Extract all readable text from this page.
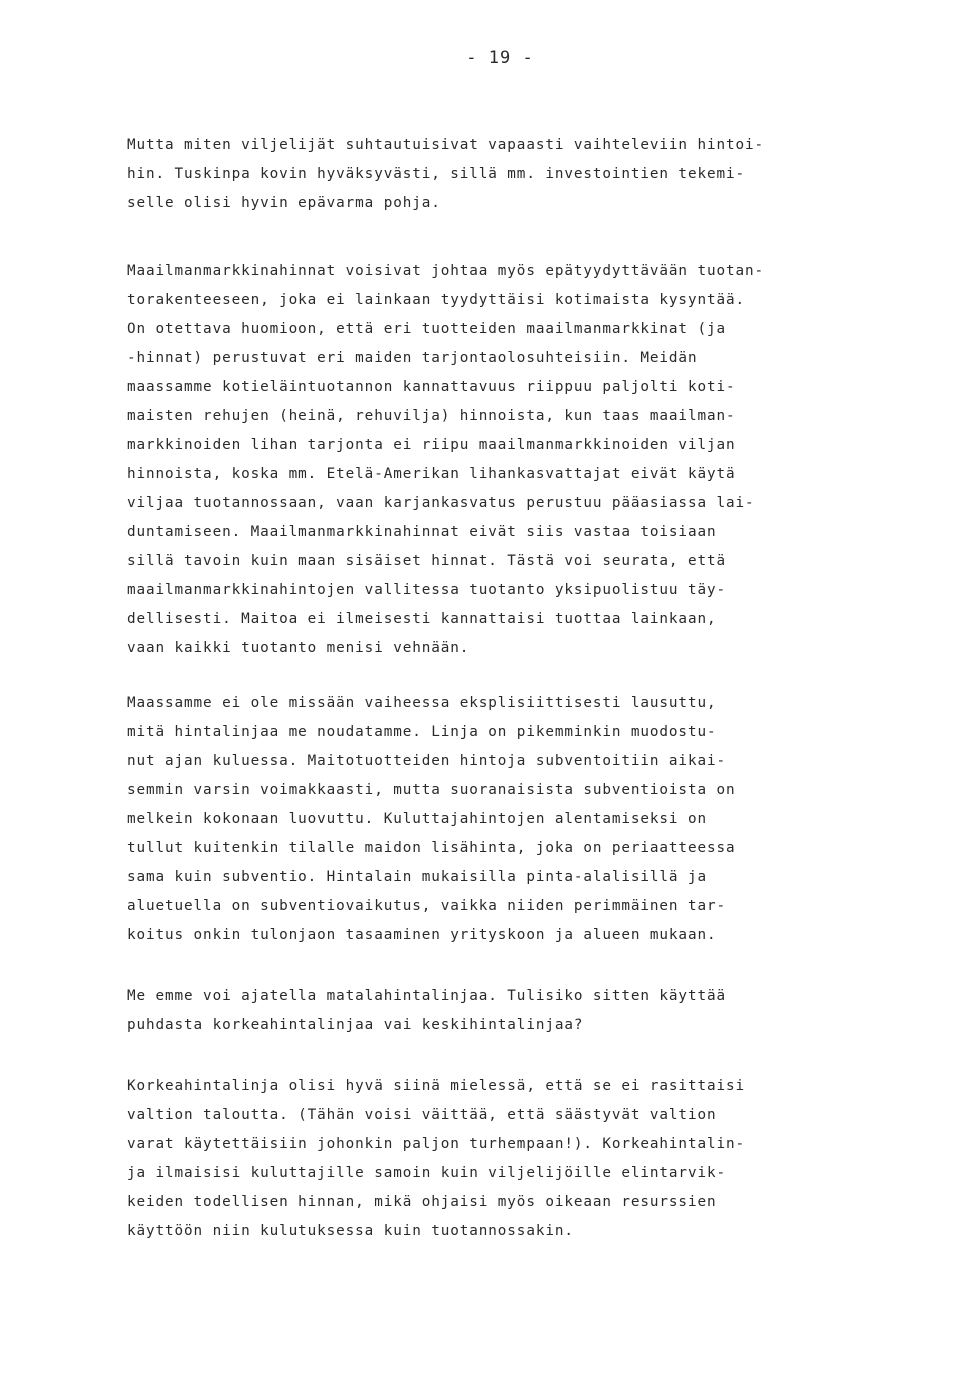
- 19 -
Mutta miten viljelijät suhtautuisivat vapaasti vaihteleviin hintoi-
hin. Tuskinpa kovin hyväksyvästi, sillä mm. investointien tekemi-
selle olisi hyvin epävarma pohja.
Maailmanmarkkinahinnat voisivat johtaa myös epätyydyttävään tuotan-
torakenteeseen, joka ei lainkaan tyydyttäisi kotimaista kysyntää.
On otettava huomioon, että eri tuotteiden maailmanmarkkinat (ja
-hinnat) perustuvat eri maiden tarjontaolosuhteisiin. Meidän
maassamme kotieläintuotannon kannattavuus riippuu paljolti koti-
maisten rehujen (heinä, rehuvilja) hinnoista, kun taas maailman-
markkinoiden lihan tarjonta ei riipu maailmanmarkkinoiden viljan
hinnoista, koska mm. Etelä-Amerikan lihankasvattajat eivät käytä
viljaa tuotannossaan, vaan karjankasvatus perustuu pääasiassa lai-
duntamiseen. Maailmanmarkkinahinnat eivät siis vastaa toisiaan
sillä tavoin kuin maan sisäiset hinnat. Tästä voi seurata, että
maailmanmarkkinahintojen vallitessa tuotanto yksipuolistuu täy-
dellisesti. Maitoa ei ilmeisesti kannattaisi tuottaa lainkaan,
vaan kaikki tuotanto menisi vehnään.
Maassamme ei ole missään vaiheessa eksplisiittisesti lausuttu,
mitä hintalinjaa me noudatamme. Linja on pikemminkin muodostu-
nut ajan kuluessa. Maitotuotteiden hintoja subventoitiin aikai-
semmin varsin voimakkaasti, mutta suoranaisista subventioista on
melkein kokonaan luovuttu. Kuluttajahintojen alentamiseksi on
tullut kuitenkin tilalle maidon lisähinta, joka on periaatteessa
sama kuin subventio. Hintalain mukaisilla pinta-alalisillä ja
aluetuella on subventiovaikutus, vaikka niiden perimmäinen tar-
koitus onkin tulonjaon tasaaminen yrityskoon ja alueen mukaan.
Me emme voi ajatella matalahintalinjaa. Tulisiko sitten käyttää
puhdasta korkeahintalinjaa vai keskihintalinjaa?
Korkeahintalinja olisi hyvä siinä mielessä, että se ei rasittaisi
valtion taloutta. (Tähän voisi väittää, että säästyvät valtion
varat käytettäisiin johonkin paljon turhempaan!). Korkeahintalin-
ja ilmaisisi kuluttajille samoin kuin viljelijöille elintarvik-
keiden todellisen hinnan, mikä ohjaisi myös oikeaan resurssien
käyttöön niin kulutuksessa kuin tuotannossakin.
